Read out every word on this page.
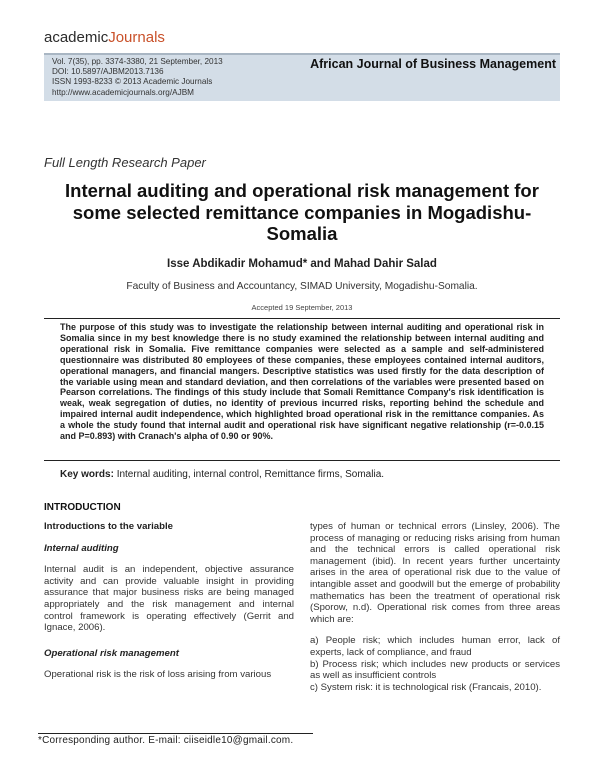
academicJournals
Vol. 7(35), pp. 3374-3380, 21 September, 2013
DOI: 10.5897/AJBM2013.7136
ISSN 1993-8233 © 2013 Academic Journals
http://www.academicjournals.org/AJBM
African Journal of Business Management
Full Length Research Paper
Internal auditing and operational risk management for some selected remittance companies in Mogadishu-Somalia
Isse Abdikadir Mohamud* and Mahad Dahir Salad
Faculty of Business and Accountancy, SIMAD University, Mogadishu-Somalia.
Accepted 19 September, 2013
The purpose of this study was to investigate the relationship between internal auditing and operational risk in Somalia since in my best knowledge there is no study examined the relationship between internal auditing and operational risk in Somalia. Five remittance companies were selected as a sample and self-administered questionnaire was distributed 80 employees of these companies, these employees contained internal auditors, operational managers, and financial mangers. Descriptive statistics was used firstly for the data description of the variable using mean and standard deviation, and then correlations of the variables were presented based on Pearson correlations. The findings of this study include that Somali Remittance Company's risk identification is weak, weak segregation of duties, no identity of previous incurred risks, reporting behind the schedule and impaired internal audit independence, which highlighted broad operational risk in the remittance companies. As a whole the study found that internal audit and operational risk have significant negative relationship (r=-0.0.15 and P=0.893) with Cranach's alpha of 0.90 or 90%.
Key words: Internal auditing, internal control, Remittance firms, Somalia.
INTRODUCTION

Introductions to the variable

Internal auditing

Internal audit is an independent, objective assurance activity and can provide valuable insight in providing assurance that major business risks are being managed appropriately and the risk management and internal control framework is operating effectively (Gerrit and Ignace, 2006).

Operational risk management

Operational risk is the risk of loss arising from various

types of human or technical errors (Linsley, 2006). The process of managing or reducing risks arising from human and the technical errors is called operational risk management (ibid). In recent years further uncertainty arises in the area of operational risk due to the value of intangible asset and goodwill but the emerge of probability mathematics has been the treatment of operational risk (Sporow, n.d). Operational risk comes from three areas which are:

a) People risk; which includes human error, lack of experts, lack of compliance, and fraud

b) Process risk; which includes new products or services as well as insufficient controls

c) System risk: it is technological risk (Francais, 2010).

*Corresponding author. E-mail: ciiseidle10@gmail.com.
